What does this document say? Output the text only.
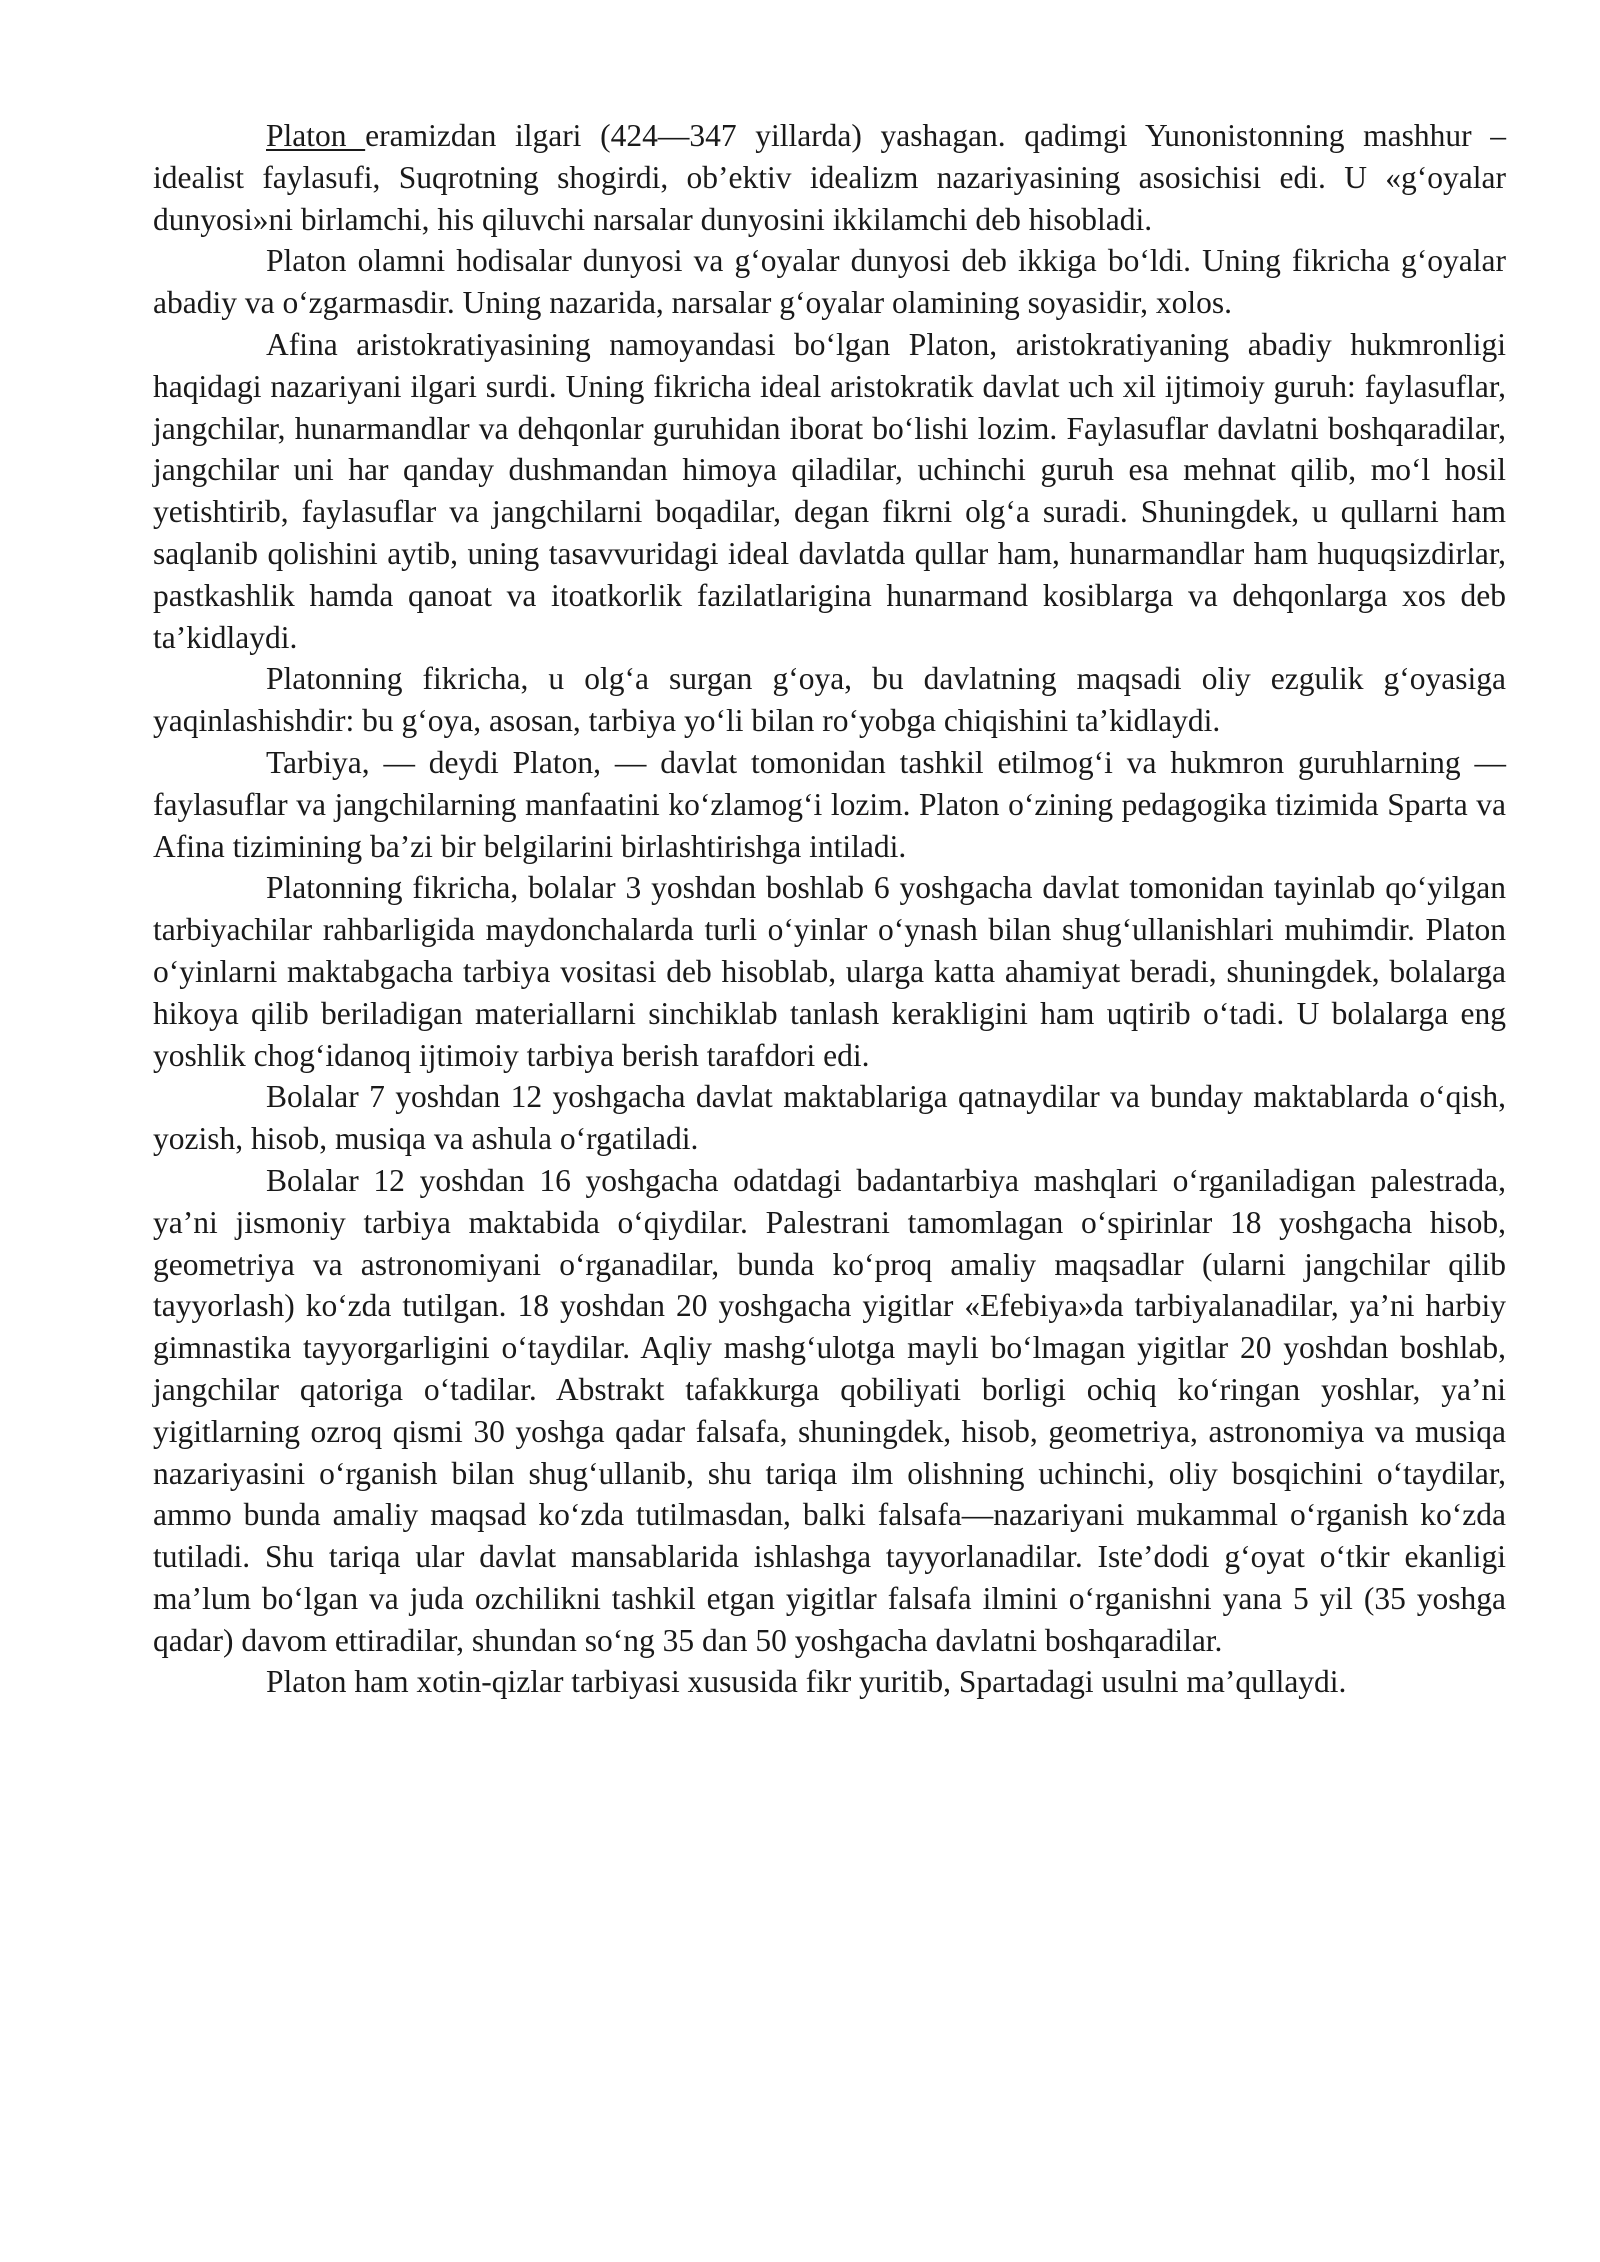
Platon eramizdan ilgari (424—347 yillarda) yashagan. qadimgi Yunonistonning mashhur – idealist faylasufi, Suqrotning shogirdi, ob’ektiv idealizm nazariyasining asosichisi edi. U «g‘oyalar dunyosi»ni birlamchi, his qiluvchi narsalar dunyosini ikkilamchi deb hisobladi.

Platon olamni hodisalar dunyosi va g‘oyalar dunyosi deb ikkiga bo‘ldi. Uning fikricha g‘oyalar abadiy va o‘zgarmasdir. Uning nazarida, narsalar g‘oyalar olamining soyasidir, xolos.

Afina aristokratiyasining namoyandasi bo‘lgan Platon, aristokratiyaning abadiy hukmronligi haqidagi nazariyani ilgari surdi. Uning fikricha ideal aristokratik davlat uch xil ijtimoiy guruh: faylasuflar, jangchilar, hunarmandlar va dehqonlar guruhidan iborat bo‘lishi lozim. Faylasuflar davlatni boshqaradilar, jangchilar uni har qanday dushmandan himoya qiladilar, uchinchi guruh esa mehnat qilib, mo‘l hosil yetishtirib, faylasuflar va jangchilarni boqadilar, degan fikrni olg‘a suradi. Shuningdek, u qullarni ham saqlanib qolishini aytib, uning tasavvuridagi ideal davlatda qullar ham, hunarmandlar ham huquqsizdirlar, pastkashlik hamda qanoat va itoatkorlik fazilatlarigina hunarmand kosiblarga va dehqonlarga xos deb ta’kidlaydi.

Platonning fikricha, u olg‘a surgan g‘oya, bu davlatning maqsadi oliy ezgulik g‘oyasiga yaqinlashishdir: bu g‘oya, asosan, tarbiya yo‘li bilan ro‘yobga chiqishini ta’kidlaydi.

Tarbiya, — deydi Platon, — davlat tomonidan tashkil etilmog‘i va hukmron guruhlarning — faylasuflar va jangchilarning manfaatini ko‘zlamog‘i lozim. Platon o‘zining pedagogika tizimida Sparta va Afina tizimining ba’zi bir belgilarini birlashtirishga intiladi.

Platonning fikricha, bolalar 3 yoshdan boshlab 6 yoshgacha davlat tomonidan tayinlab qo‘yilgan tarbiyachilar rahbarligida maydonchalarda turli o‘yinlar o‘ynash bilan shug‘ullanishlari muhimdir. Platon o‘yinlarni maktabgacha tarbiya vositasi deb hisoblab, ularga katta ahamiyat beradi, shuningdek, bolalarga hikoya qilib beriladigan materiallarni sinchiklab tanlash kerakligini ham uqtirib o‘tadi. U bolalarga eng yoshlik chog‘idanoq ijtimoiy tarbiya berish tarafdori edi.

Bolalar 7 yoshdan 12 yoshgacha davlat maktablariga qatnaydilar va bunday maktablarda o‘qish, yozish, hisob, musiqa va ashula o‘rgatiladi.

Bolalar 12 yoshdan 16 yoshgacha odatdagi badantarbiya mashqlari o‘rganiladigan palestrada, ya’ni jismoniy tarbiya maktabida o‘qiydilar. Palestrani tamomlagan o‘spirinlar 18 yoshgacha hisob, geometriya va astronomiyani o‘rganadilar, bunda ko‘proq amaliy maqsadlar (ularni jangchilar qilib tayyorlash) ko‘zda tutilgan. 18 yoshdan 20 yoshgacha yigitlar «Efebiya»da tarbiyalanadilar, ya’ni harbiy gimnastika tayyorgarligini o‘taydilar. Aqliy mashg‘ulotga mayli bo‘lmagan yigitlar 20 yoshdan boshlab, jangchilar qatoriga o‘tadilar. Abstrakt tafakkurga qobiliyati borligi ochiq ko‘ringan yoshlar, ya’ni yigitlarning ozroq qismi 30 yoshga qadar falsafa, shuningdek, hisob, geometriya, astronomiya va musiqa nazariyasini o‘rganish bilan shug‘ullanib, shu tariqa ilm olishning uchinchi, oliy bosqichini o‘taydilar, ammo bunda amaliy maqsad ko‘zda tutilmasdan, balki falsafa—nazariyani mukammal o‘rganish ko‘zda tutiladi. Shu tariqa ular davlat mansablarida ishlashga tayyorlanadilar. Iste’dodi g‘oyat o‘tkir ekanligi ma’lum bo‘lgan va juda ozchilikni tashkil etgan yigitlar falsafa ilmini o‘rganishni yana 5 yil (35 yoshga qadar) davom ettiradilar, shundan so‘ng 35 dan 50 yoshgacha davlatni boshqaradilar.

Platon ham xotin-qizlar tarbiyasi xususida fikr yuritib, Spartadagi usulni ma’qullaydi.
